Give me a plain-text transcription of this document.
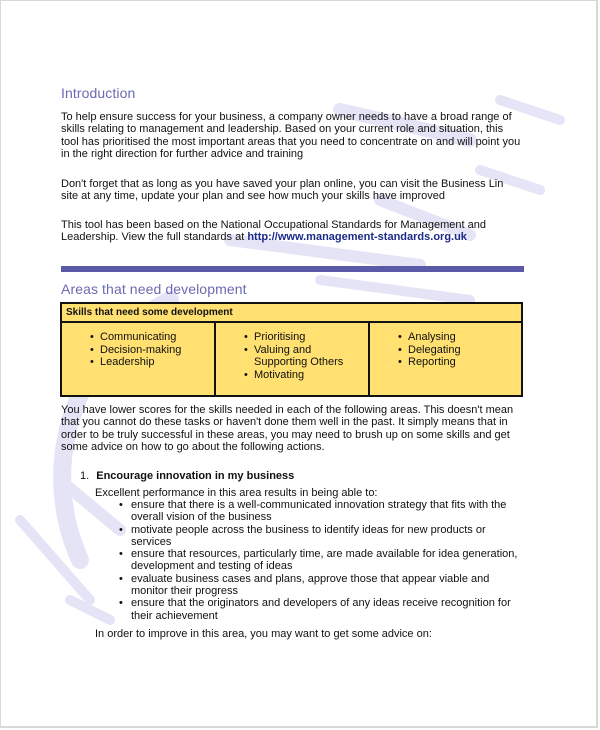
Introduction
To help ensure success for your business, a company owner needs to have a broad range of
skills relating to management and leadership. Based on your current role and situation, this
tool has prioritised the most important areas that you need to concentrate on and will point you
in the right direction for further advice and training
Don't forget that as long as you have saved your plan online, you can visit the Business Lin
site at any time, update your plan and see how much your skills have improved
This tool has been based on the National Occupational Standards for Management and
Leadership. View the full standards at http://www.management-standards.org.uk
Areas that need development
Skills that need some development

• Communicating
• Decision-making
• Leadership

• Prioritising
• Valuing and
Supporting Others
• Motivating

• Analysing
• Delegating
• Reporting
You have lower scores for the skills needed in each of the following areas. This doesn't mean
that you cannot do these tasks or haven't done them well in the past. It simply means that in
order to be truly successful in these areas, you may need to brush up on some skills and get
some advice on how to go about the following actions.
1. Encourage innovation in my business
Excellent performance in this area results in being able to:
• ensure that there is a well-communicated innovation strategy that fits with the
overall vision of the business
• motivate people across the business to identify ideas for new products or
services
• ensure that resources, particularly time, are made available for idea generation,
development and testing of ideas
• evaluate business cases and plans, approve those that appear viable and
monitor their progress
• ensure that the originators and developers of any ideas receive recognition for
their achievement
In order to improve in this area, you may want to get some advice on:
